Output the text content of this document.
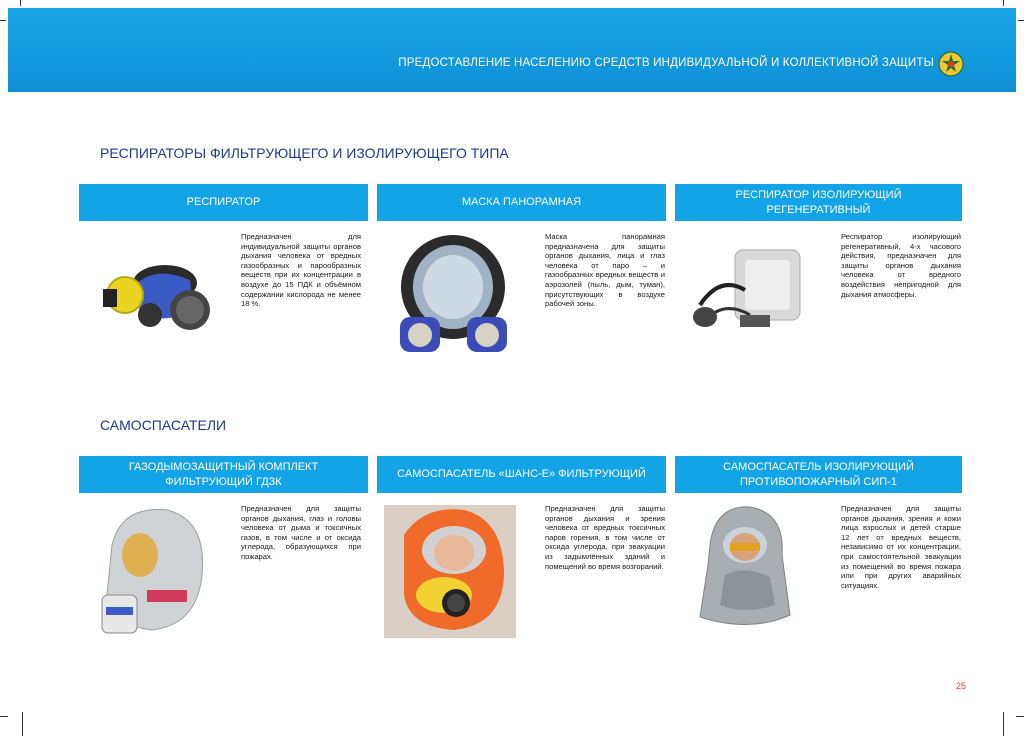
ПРЕДОСТАВЛЕНИЕ НАСЕЛЕНИЮ СРЕДСТВ ИНДИВИДУАЛЬНОЙ И КОЛЛЕКТИВНОЙ ЗАЩИТЫ
РЕСПИРАТОРЫ ФИЛЬТРУЮЩЕГО И ИЗОЛИРУЮЩЕГО ТИПА
РЕСПИРАТОР
Предназначен для индивидуальной защиты органов дыхания человека от вредных газообразных и парообразных веществ при их концентрации в воздухе до 15 ПДК и объёмном содержании кислорода не менее 18 %.
МАСКА ПАНОРАМНАЯ
Маска панорамная предназначена для защиты органов дыхания, лица и глаз человека от паро – и газообразных вредных веществ и аэрозолей (пыль, дым, туман), присутствующих в воздухе рабочей зоны.
РЕСПИРАТОР ИЗОЛИРУЮЩИЙ
РЕГЕНЕРАТИВНЫЙ
Респиратор изолирующий регенеративный, 4-х часового действия, предназначен для защиты органов дыхания человека от вредного воздействия непригодной для дыхания атмосферы.
САМОСПАСАТЕЛИ
ГАЗОДЫМОЗАЩИТНЫЙ КОМПЛЕКТ
ФИЛЬТРУЮЩИЙ ГДЗК
Предназначен для защиты органов дыхания, глаз и головы человека от дыма и токсичных газов, в том числе и от оксида углерода, образующихся при пожарах.
САМОСПАСАТЕЛЬ «ШАНС-Е» ФИЛЬТРУЮЩИЙ
Предназначен для защиты органов дыхания и зрения человека от вредных токсичных паров горения, в том числе от оксида углерода, при эвакуации из задымлённых зданий и помещений во время возгораний.
САМОСПАСАТЕЛЬ ИЗОЛИРУЮЩИЙ
ПРОТИВОПОЖАРНЫЙ СИП-1
Предназначен для защиты органов дыхания, зрения и кожи лица взрослых и детей старше 12 лет от вредных веществ, независимо от их концентрации, при самостоятельной эвакуации из помещений во время пожара или при других аварийных ситуациях.
25
